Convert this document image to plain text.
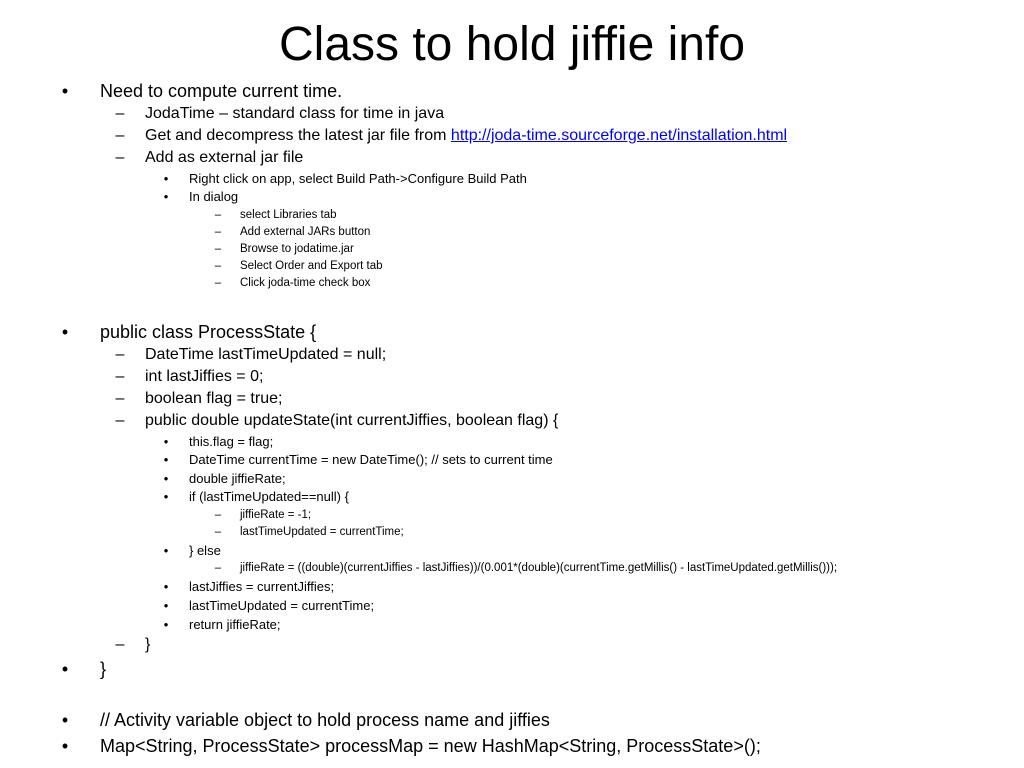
Class to hold jiffie info
• Need to compute current time.
– JodaTime – standard class for time in java
– Get and decompress the latest jar file from http://joda-time.sourceforge.net/installation.html
– Add as external jar file
• Right click on app, select Build Path->Configure Build Path
• In dialog
–	select Libraries tab
–	Add external JARs button
–	Browse to jodatime.jar
–	Select Order and Export tab
–	Click joda-time check box
• public class ProcessState {
– DateTime lastTimeUpdated = null;
– int lastJiffies = 0;
– boolean flag = true;
– public double updateState(int currentJiffies, boolean flag) {
• this.flag = flag;
• DateTime currentTime = new DateTime(); // sets to current time
• double jiffieRate;
• if (lastTimeUpdated==null) {
–	jiffieRate = -1;
–	lastTimeUpdated = currentTime;
• } else
–	jiffieRate = ((double)(currentJiffies - lastJiffies))/(0.001*(double)(currentTime.getMillis() - lastTimeUpdated.getMillis()));
• lastJiffies = currentJiffies;
• lastTimeUpdated = currentTime;
• return jiffieRate;
– }
• }
• // Activity variable object to hold process name and jiffies
• Map<String, ProcessState> processMap = new HashMap<String, ProcessState>();
